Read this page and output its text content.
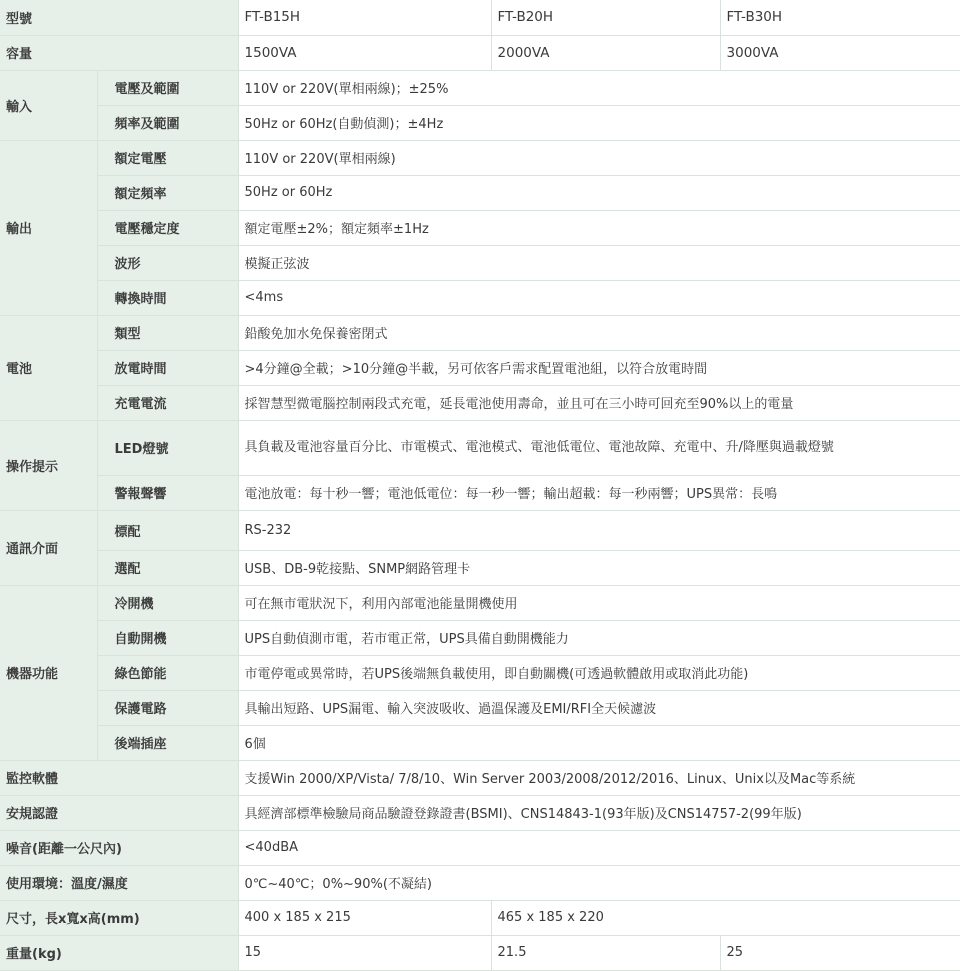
型號		FT-B15H	FT-B20H	FT-B30H
容量		1500VA	2000VA	3000VA
輸入	電壓及範圍	110V or 220V(單相兩線)；±25%		
	頻率及範圍	50Hz or 60Hz(自動偵測)；±4Hz		
輸出	額定電壓	110V or 220V(單相兩線)		
	額定頻率	50Hz or 60Hz		
	電壓穩定度	額定電壓±2%；額定頻率±1Hz		
	波形	模擬正弦波		
	轉換時間	<4ms		
電池	類型	鉛酸免加水免保養密閉式		
	放電時間	>4分鐘@全載；>10分鐘@半載，另可依客戶需求配置電池組，以符合放電時間		
	充電電流	採智慧型微電腦控制兩段式充電，延長電池使用壽命，並且可在三小時可回充至90%以上的電量		
操作提示	LED燈號	具負載及電池容量百分比、市電模式、電池模式、電池低電位、電池故障、充電中、升/降壓與過載燈號		
	警報聲響	電池放電：每十秒一響；電池低電位：每一秒一響；輸出超載：每一秒兩響；UPS異常：長鳴		
通訊介面	標配	RS-232		
	選配	USB、DB-9乾接點、SNMP網路管理卡		
機器功能	冷開機	可在無市電狀況下，利用內部電池能量開機使用		
	自動開機	UPS自動偵測市電，若市電正常，UPS具備自動開機能力		
	綠色節能	市電停電或異常時，若UPS後端無負載使用，即自動關機(可透過軟體啟用或取消此功能)		
	保護電路	具輸出短路、UPS漏電、輸入突波吸收、過溫保護及EMI/RFI全天候濾波		
	後端插座	6個		
監控軟體		支援Win 2000/XP/Vista/ 7/8/10、Win Server 2003/2008/2012/2016、Linux、Unix以及Mac等系統		
安規認證		具經濟部標準檢驗局商品驗證登錄證書(BSMI)、CNS14843-1(93年版)及CNS14757-2(99年版)		
噪音(距離一公尺內)		<40dBA		
使用環境：溫度/濕度		0℃~40℃；0%~90%(不凝結)		
尺寸，長x寬x高(mm)		400 x 185 x 215	465 x 185 x 220	
重量(kg)		15	21.5	25
